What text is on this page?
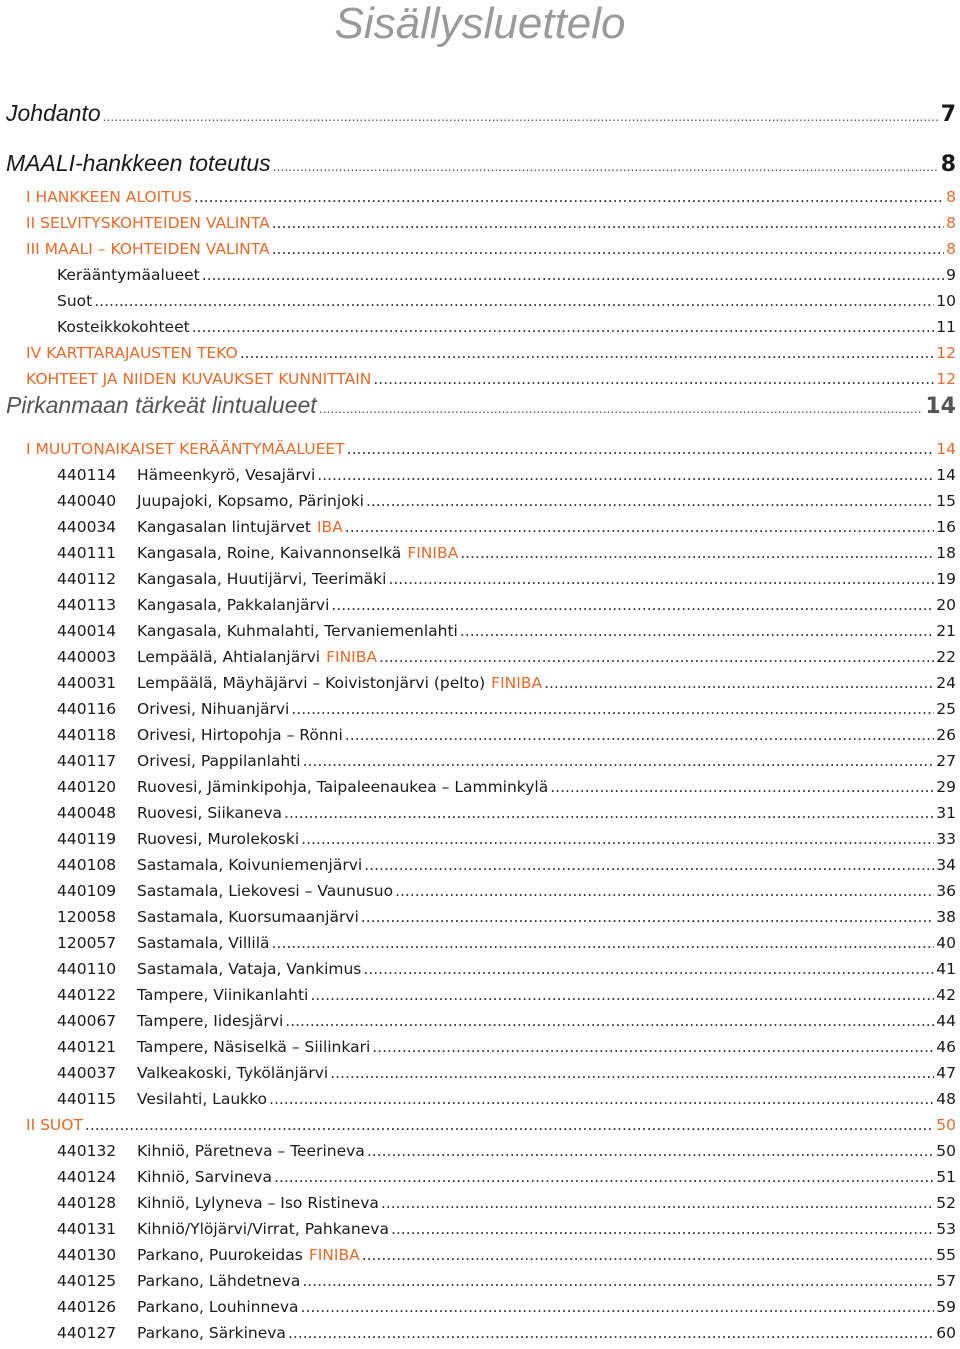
Sisällysluettelo
Johdanto .....	7
MAALI-hankkeen toteutus .....	8
I HANKKEEN ALOITUS .....	8
II SELVITYSKOHTEIDEN VALINTA .....	8
III MAALI – KOHTEIDEN VALINTA .....	8
Kerääntymäalueet .....	9
Suot .....	10
Kosteikkokohteet .....	11
IV KARTTARAJAUSTEN TEKO .....	12
KOHTEET JA NIIDEN KUVAUKSET KUNNITTAIN .....	12
Pirkanmaan tärkeät lintualueet .....	14
I MUUTONAIKAISET KERÄÄNTYMÄALUEET .....	14
440114 Hämeenkyrö, Vesajärvi .....	14
440040 Juupajoki, Kopsamo, Pärinjoki .....	15
440034 Kangasalan lintujärvet IBA .....	16
440111 Kangasala, Roine, Kaivannonselkä FINIBA .....	18
440112 Kangasala, Huutijärvi, Teerimäki .....	19
440113 Kangasala, Pakkalanjärvi .....	20
440014 Kangasala, Kuhmalahti, Tervaniemenlahti .....	21
440003 Lempäälä, Ahtialanjärvi FINIBA .....	22
440031 Lempäälä, Mäyhäjärvi – Koivistonjärvi (pelto) FINIBA .....	24
440116 Orivesi, Nihuanjärvi .....	25
440118 Orivesi, Hirtopohja – Rönni .....	26
440117 Orivesi, Pappilanlahti .....	27
440120 Ruovesi, Jäminkipohja, Taipaleenaukea – Lamminkylä .....	29
440048 Ruovesi, Siikaneva .....	31
440119 Ruovesi, Murolekoski .....	33
440108 Sastamala, Koivuniemenjärvi .....	34
440109 Sastamala, Liekovesi – Vaunusuo .....	36
120058 Sastamala, Kuorsumaanjärvi .....	38
120057 Sastamala, Villilä .....	40
440110 Sastamala, Vataja, Vankimus .....	41
440122 Tampere, Viinikanlahti .....	42
440067 Tampere, Iidesjärvi .....	44
440121 Tampere, Näsiselkä – Siilinkari .....	46
440037 Valkeakoski, Tykölänjärvi .....	47
440115 Vesilahti, Laukko .....	48
II SUOT .....	50
440132 Kihniö, Päretneva – Teerineva .....	50
440124 Kihniö, Sarvineva .....	51
440128 Kihniö, Lylyneva – Iso Ristineva .....	52
440131 Kihniö/Ylöjärvi/Virrat, Pahkaneva .....	53
440130 Parkano, Puurokeidas FINIBA .....	55
440125 Parkano, Lähdetneva .....	57
440126 Parkano, Louhinneva .....	59
440127 Parkano, Särkineva .....	60
